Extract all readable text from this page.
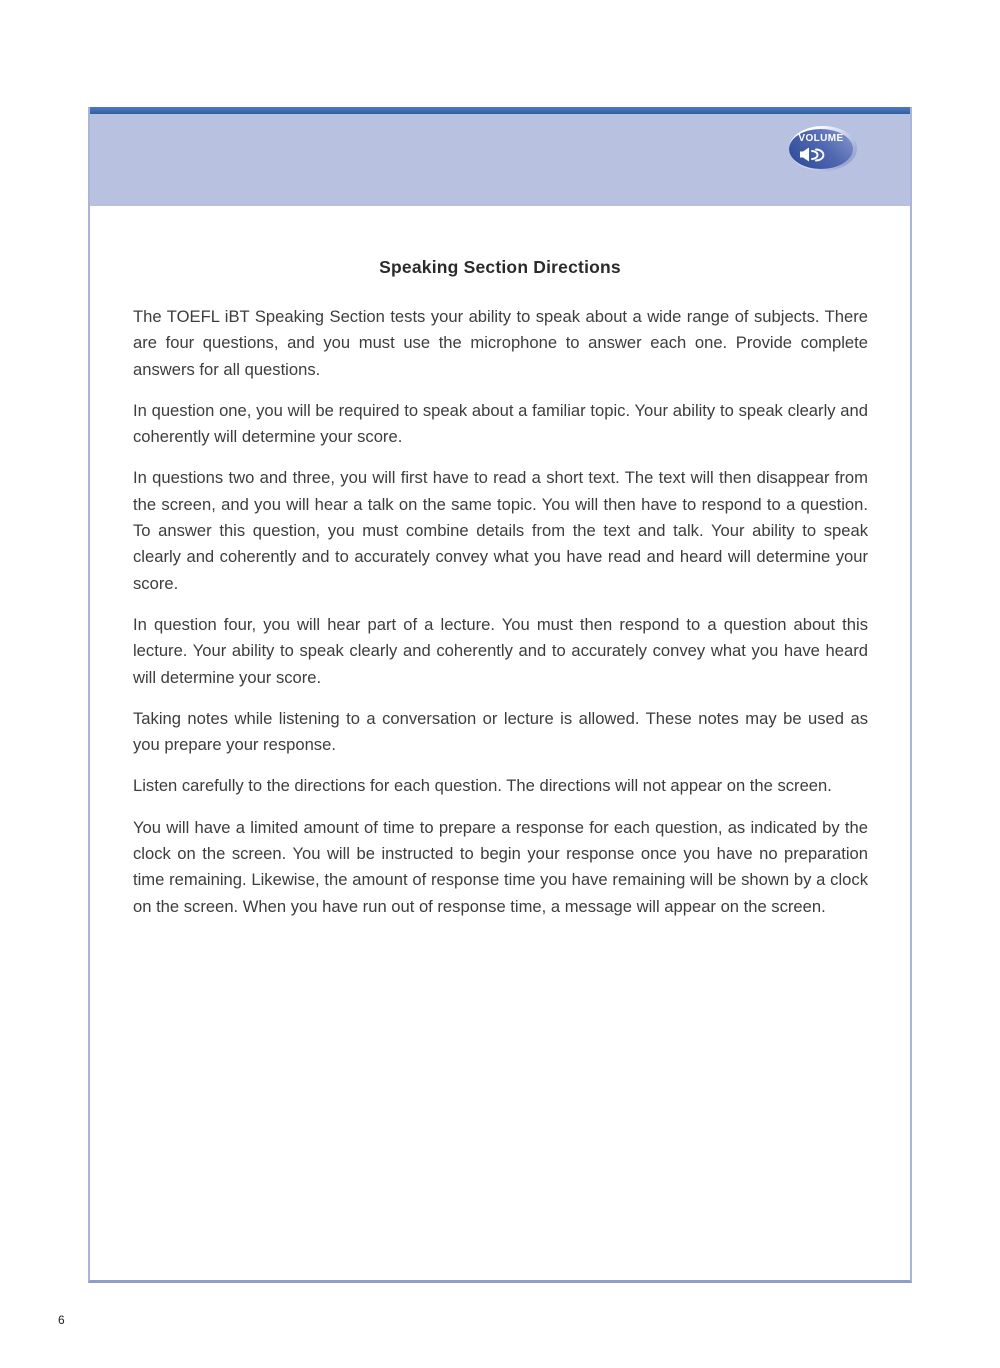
VOLUME
Speaking Section Directions

The TOEFL iBT Speaking Section tests your ability to speak about a wide range of subjects. There are four questions, and you must use the microphone to answer each one. Provide complete answers for all questions.

In question one, you will be required to speak about a familiar topic. Your ability to speak clearly and coherently will determine your score.

In questions two and three, you will first have to read a short text. The text will then disappear from the screen, and you will hear a talk on the same topic. You will then have to respond to a question. To answer this question, you must combine details from the text and talk. Your ability to speak clearly and coherently and to accurately convey what you have read and heard will determine your score.

In question four, you will hear part of a lecture. You must then respond to a question about this lecture. Your ability to speak clearly and coherently and to accurately convey what you have heard will determine your score.

Taking notes while listening to a conversation or lecture is allowed. These notes may be used as you prepare your response.

Listen carefully to the directions for each question. The directions will not appear on the screen.

You will have a limited amount of time to prepare a response for each question, as indicated by the clock on the screen. You will be instructed to begin your response once you have no preparation time remaining. Likewise, the amount of response time you have remaining will be shown by a clock on the screen. When you have run out of response time, a message will appear on the screen.

6
